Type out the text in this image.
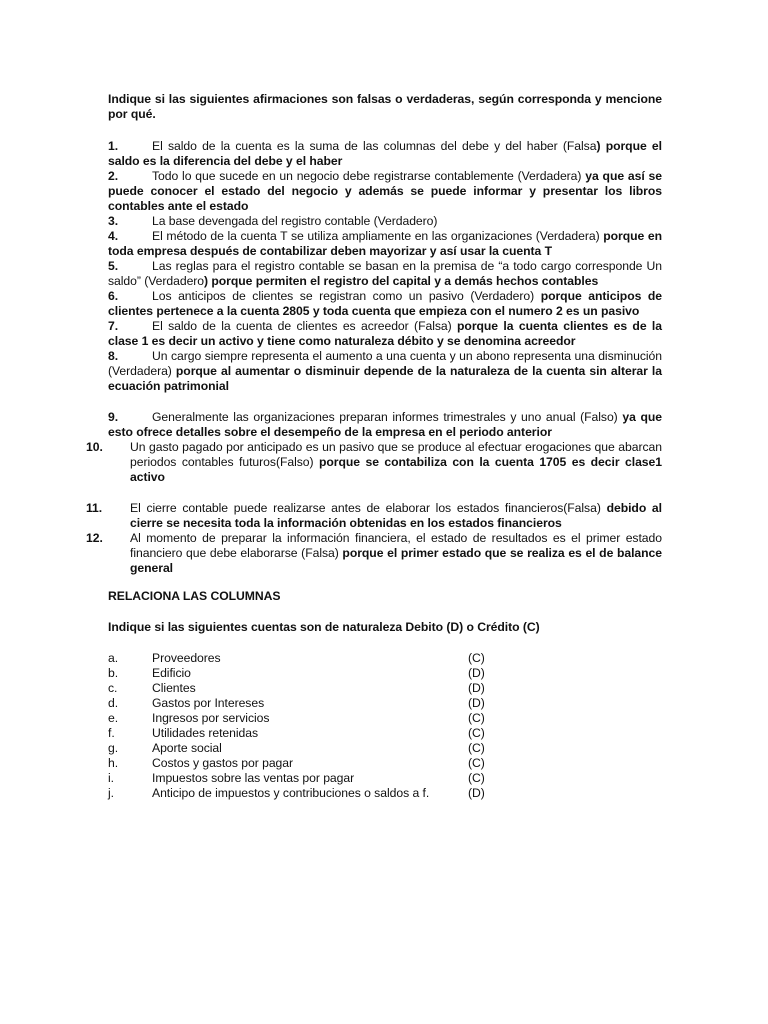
Indique si las siguientes afirmaciones son falsas o verdaderas, según corresponda y mencione por qué.

1.	El saldo de la cuenta es la suma de las columnas del debe y del haber (Falsa) porque el saldo es la diferencia del debe y el haber

2.	Todo lo que sucede en un negocio debe registrarse contablemente (Verdadera) ya que así se puede conocer el estado del negocio y además se puede informar y presentar los libros contables ante el estado

3.	La base devengada del registro contable (Verdadero)

4.	El método de la cuenta T se utiliza ampliamente en las organizaciones (Verdadera) porque en toda empresa después de contabilizar deben mayorizar y así usar la cuenta T

5.	Las reglas para el registro contable se basan en la premisa de “a todo cargo corresponde Un saldo” (Verdadero) porque permiten el registro del capital y a demás hechos contables

6.	Los anticipos de clientes se registran como un pasivo (Verdadero) porque anticipos de clientes pertenece a la cuenta 2805 y toda cuenta que empieza con el numero 2 es un pasivo

7.	El saldo de la cuenta de clientes es acreedor (Falsa) porque la cuenta clientes es de la clase 1 es decir un activo y tiene como naturaleza débito y se denomina acreedor

8.	Un cargo siempre representa el aumento a una cuenta y un abono representa una disminución (Verdadera) porque al aumentar o disminuir depende de la naturaleza de la cuenta sin alterar la ecuación patrimonial

9.	Generalmente las organizaciones preparan informes trimestrales y uno anual (Falso) ya que esto ofrece detalles sobre el desempeño de la empresa en el periodo anterior

10. Un gasto pagado por anticipado es un pasivo que se produce al efectuar erogaciones que abarcan periodos contables futuros(Falso) porque se contabiliza con la cuenta 1705 es decir clase1 activo

11. El cierre contable puede realizarse antes de elaborar los estados financieros(Falsa) debido al cierre se necesita toda la información obtenidas en los estados financieros

12. Al momento de preparar la información financiera, el estado de resultados es el primer estado financiero que debe elaborarse (Falsa) porque el primer estado que se realiza es el de balance general

RELACIONA LAS COLUMNAS

Indique si las siguientes cuentas son de naturaleza Debito (D) o Crédito (C)

a.	Proveedores	(C)
b.	Edificio	(D)
c.	Clientes	(D)
d.	Gastos por Intereses	(D)
e.	Ingresos por servicios	(C)
f.	Utilidades retenidas	(C)
g.	Aporte social	(C)
h.	Costos y gastos por pagar	(C)
i.	Impuestos sobre las ventas por pagar	(C)
j.	Anticipo de impuestos y contribuciones o saldos a f.	(D)
